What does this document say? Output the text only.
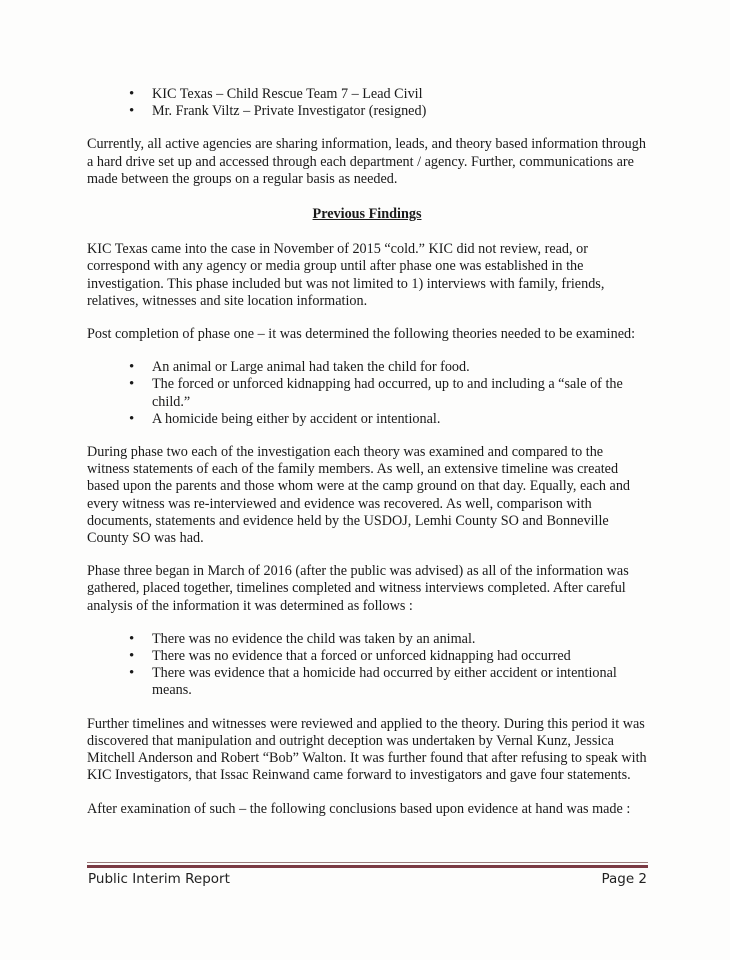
• KIC Texas – Child Rescue Team 7 – Lead Civil
• Mr. Frank Viltz – Private Investigator (resigned)

Currently, all active agencies are sharing information, leads, and theory based information through a hard drive set up and accessed through each department / agency. Further, communications are made between the groups on a regular basis as needed.

Previous Findings

KIC Texas came into the case in November of 2015 “cold.” KIC did not review, read, or correspond with any agency or media group until after phase one was established in the investigation. This phase included but was not limited to 1) interviews with family, friends, relatives, witnesses and site location information.

Post completion of phase one – it was determined the following theories needed to be examined:

• An animal or Large animal had taken the child for food.
• The forced or unforced kidnapping had occurred, up to and including a “sale of the child.”
• A homicide being either by accident or intentional.

During phase two each of the investigation each theory was examined and compared to the witness statements of each of the family members. As well, an extensive timeline was created based upon the parents and those whom were at the camp ground on that day. Equally, each and every witness was re-interviewed and evidence was recovered. As well, comparison with documents, statements and evidence held by the USDOJ, Lemhi County SO and Bonneville County SO was had.

Phase three began in March of 2016 (after the public was advised) as all of the information was gathered, placed together, timelines completed and witness interviews completed. After careful analysis of the information it was determined as follows :

• There was no evidence the child was taken by an animal.
• There was no evidence that a forced or unforced kidnapping had occurred
• There was evidence that a homicide had occurred by either accident or intentional means.

Further timelines and witnesses were reviewed and applied to the theory. During this period it was discovered that manipulation and outright deception was undertaken by Vernal Kunz, Jessica Mitchell Anderson and Robert “Bob” Walton. It was further found that after refusing to speak with KIC Investigators, that Issac Reinwand came forward to investigators and gave four statements.

After examination of such – the following conclusions based upon evidence at hand was made :

Public Interim Report	Page 2
